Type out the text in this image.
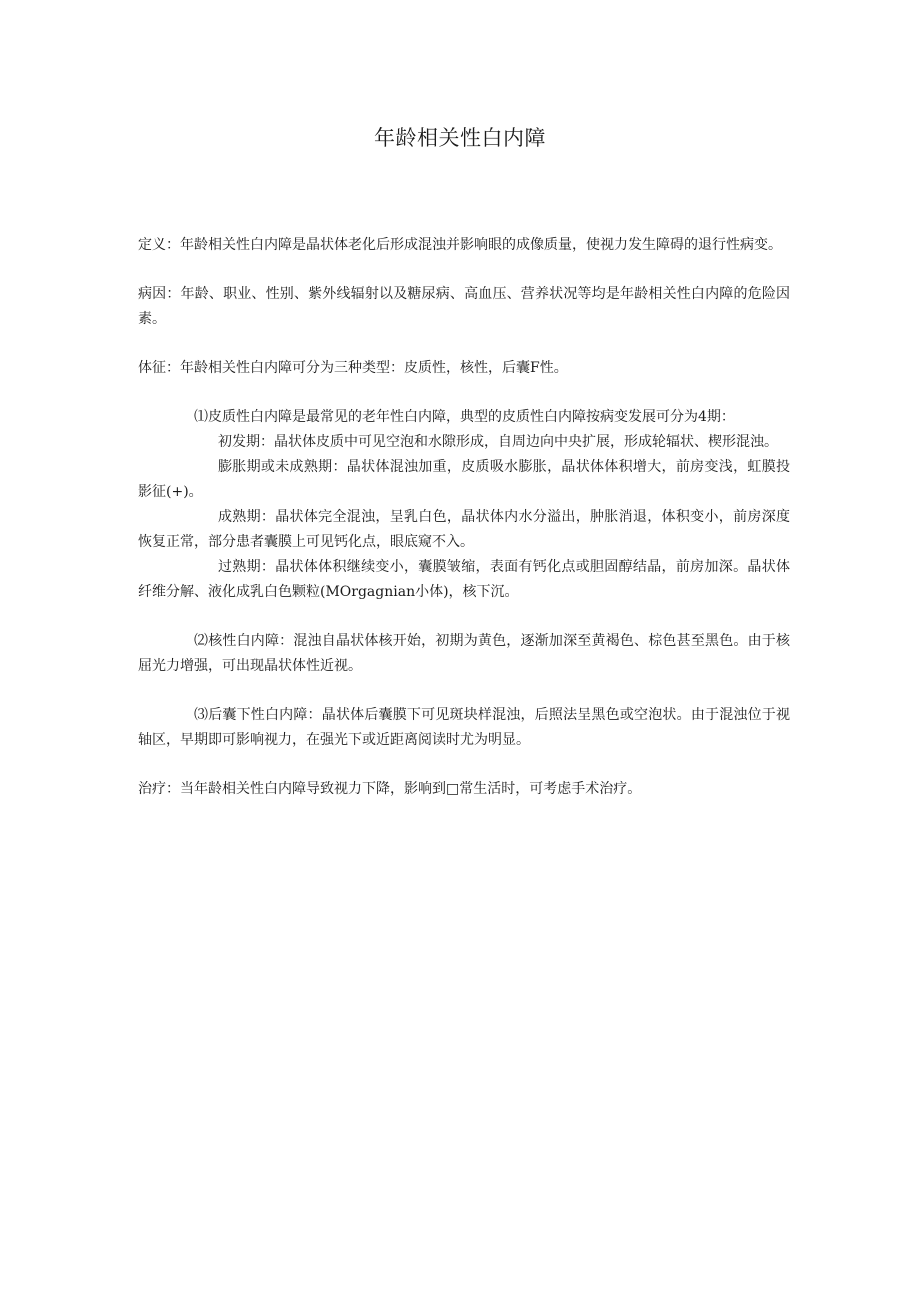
年龄相关性白内障

定义：年龄相关性白内障是晶状体老化后形成混浊并影响眼的成像质量，使视力发生障碍的退行性病变。

病因：年龄、职业、性别、紫外线辐射以及糖尿病、高血压、营养状况等均是年龄相关性白内障的危险因素。

体征：年龄相关性白内障可分为三种类型：皮质性，核性，后囊F性。

⑴皮质性白内障是最常见的老年性白内障，典型的皮质性白内障按病变发展可分为4期：

初发期：晶状体皮质中可见空泡和水隙形成，自周边向中央扩展，形成轮辐状、楔形混浊。

膨胀期或未成熟期：晶状体混浊加重，皮质吸水膨胀，晶状体体积增大，前房变浅，虹膜投影征(+)。

成熟期：晶状体完全混浊，呈乳白色，晶状体内水分溢出，肿胀消退，体积变小，前房深度恢复正常，部分患者囊膜上可见钙化点，眼底窥不入。

过熟期：晶状体体积继续变小，囊膜皱缩，表面有钙化点或胆固醇结晶，前房加深。晶状体纤维分解、液化成乳白色颗粒(MOrgagnian小体)，核下沉。

⑵核性白内障：混浊自晶状体核开始，初期为黄色，逐渐加深至黄褐色、棕色甚至黑色。由于核屈光力增强，可出现晶状体性近视。

⑶后囊下性白内障：晶状体后囊膜下可见斑块样混浊，后照法呈黑色或空泡状。由于混浊位于视轴区，早期即可影响视力，在强光下或近距离阅读时尤为明显。

治疗：当年龄相关性白内障导致视力下降，影响到□常生活时，可考虑手术治疗。
